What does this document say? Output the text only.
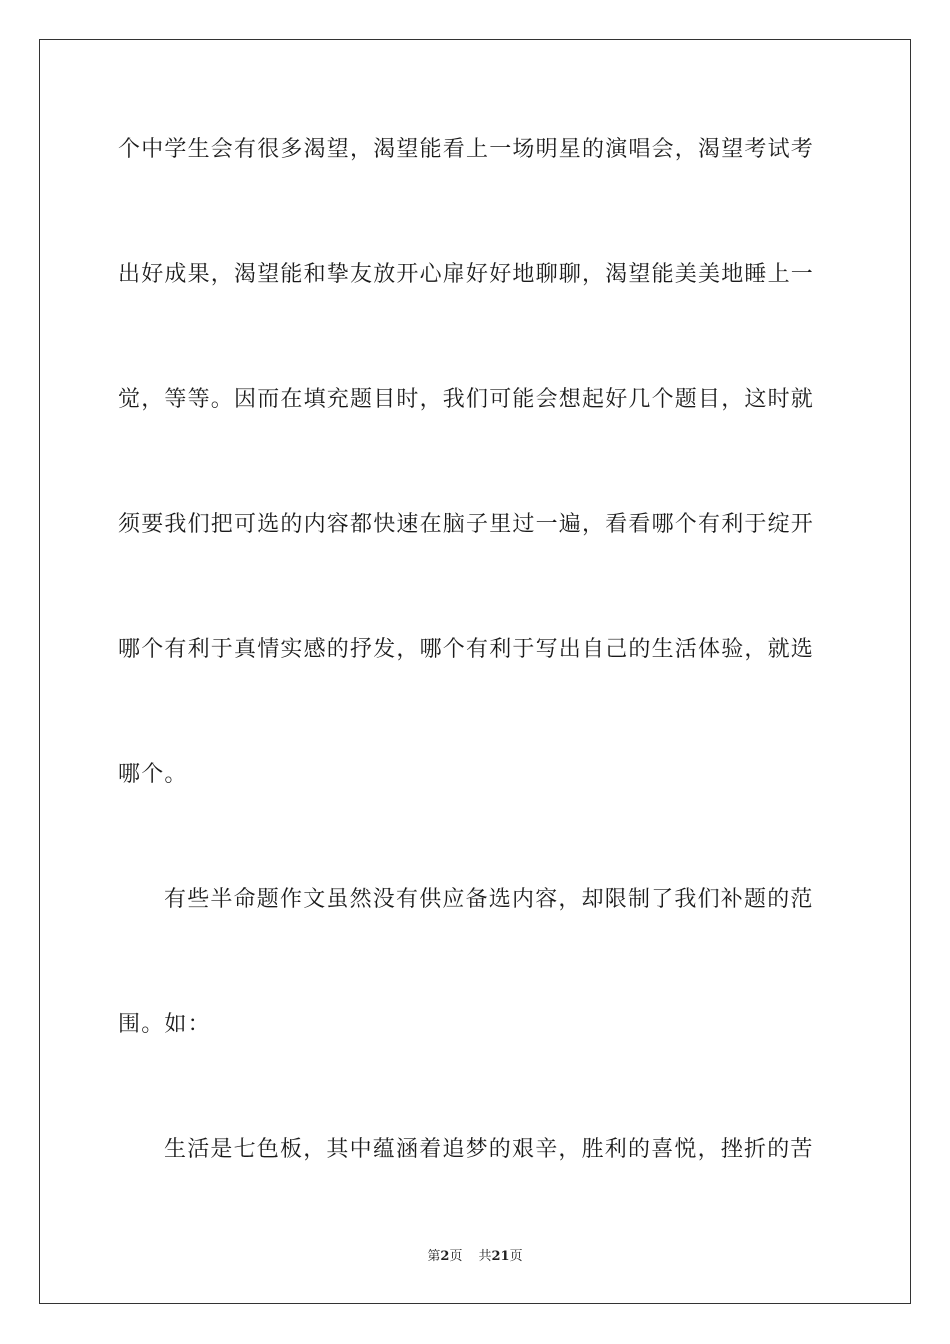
个中学生会有很多渴望，渴望能看上一场明星的演唱会，渴望考试考
出好成果，渴望能和挚友放开心扉好好地聊聊，渴望能美美地睡上一
觉，等等。因而在填充题目时，我们可能会想起好几个题目，这时就
须要我们把可选的内容都快速在脑子里过一遍，看看哪个有利于绽开
哪个有利于真情实感的抒发，哪个有利于写出自己的生活体验，就选
哪个。
有些半命题作文虽然没有供应备选内容，却限制了我们补题的范
围。如：
生活是七色板，其中蕴涵着追梦的艰辛，胜利的喜悦，挫折的苦
第2页 共21页
